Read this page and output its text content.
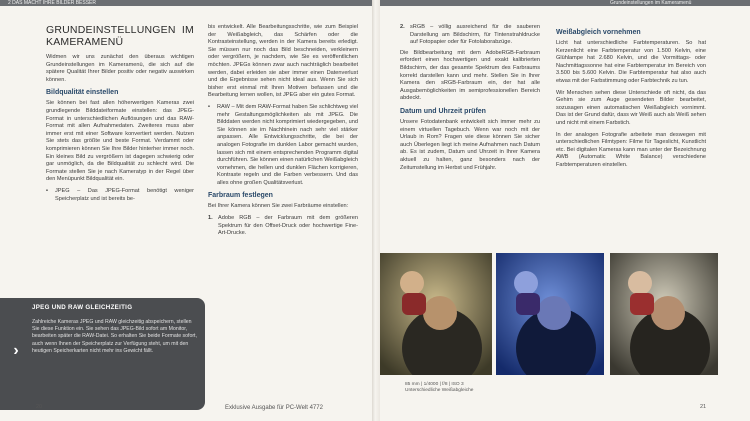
2 DAS MACHT IHRE BILDER BESSER	Grundeinstellungen im Kameramenü
GRUNDEINSTELLUNGEN IM KAMERAMENÜ

Widmen wir uns zunächst den überaus wichtigen Grundeinstellungen im Kameramenü, die sich auf die spätere Qualität Ihrer Bilder positiv oder negativ auswirken können.

Bildqualität einstellen

Sie können bei fast allen höherwertigen Kameras zwei grundlegende Bilddateiformate einstellen: das JPEG-Format in unterschiedlichen Auflösungen und das RAW-Format mit allen Aufnahmedaten. Zweiteres muss aber immer erst mit einer Software konvertiert werden. Nutzen Sie stets das größte und beste Format. Verdammt oder komprimieren können Sie Ihre Bilder hinterher immer noch. Ein kleines Bild zu vergrößern ist dagegen schwierig oder gar unmöglich, da die Bildqualität zu schlecht wird. Die Formate stellen Sie je nach Kameratyp in der Regel über den Menüpunkt Bildqualität ein.

• JPEG – Das JPEG-Format benötigt weniger Speicherplatz und ist bereits be-
JPEG UND RAW GLEICHZEITIG
Zahlreiche Kameras JPEG und RAW gleichzeitig abspeichern, stellen Sie diese Funktion ein. Sie sehen das JPEG-Bild sofort am Monitor, bearbeiten später die RAW-Datei. So erhalten Sie beide Formate sofort, auch wenn Ihnen der Speicherplatz zur Verfügung steht, um mit den heutigen Speicherkarten nicht mehr ins Gewicht fällt.
›

bis entwickelt. Alle Bearbeitungsschritte, wie zum Beispiel der Weißabgleich, das Schärfen oder die Kontrasteinstellung, werden in der Kamera bereits erledigt. Sie müssen nur noch das Bild beschneiden, verkleinern oder vergrößern, je nachdem, wie Sie es veröffentlichen möchten. JPEGs können zwar auch nachträglich bearbeitet werden, dabei erleiden sie aber immer einen Datenverlust und die Ergebnisse sehen nicht ideal aus. Wenn Sie sich bisher erst einmal mit Ihren Motiven befassen und die Bearbeitung lernen wollen, ist JPEG aber ein gutes Format.

• RAW – Mit dem RAW-Format haben Sie schlichtweg viel mehr Gestaltungsmöglichkeiten als mit JPEG. Die Bilddaten werden nicht komprimiert wiedergegeben, und Sie können sie im Nachhinein nach sehr viel stärker anpassen. Alle Entwicklungsschritte, die bei der analogen Fotografie im dunklen Labor gemacht wurden, lassen sich mit einem entsprechenden Programm digital durchführen. Sie können einen natürlichen Weißabgleich vornehmen, die hellen und dunklen Flächen korrigieren, Kontraste regeln und die Farben verbessern. Und das alles ohne großen Qualitätsverlust.
Farbraum festlegen

Bei Ihrer Kamera können Sie zwei Farbräume einstellen:

1. Adobe RGB – der Farbraum mit dem größeren Spektrum für den Offset-Druck oder hochwertige Fine-Art-Drucke.
2. sRGB – völlig ausreichend für die sauberen Darstellung am Bildschirm, für Tintenstrahldrucke auf Fotopapier oder für Fotolaborabzüge.

Die Bildbearbeitung mit dem AdobeRGB-Farbraum erfordert einen hochwertigen und exakt kalibrierten Bildschirm, der das gesamte Spektrum des Farbraums korrekt darstellen kann und mehr. Stellen Sie in Ihrer Kamera den sRGB-Farbraum ein, der hat alle Ausgabemöglichkeiten im semiprofessionellen Bereich abdeckt.

Datum und Uhrzeit prüfen

Unsere Fotodatenbank entwickelt sich immer mehr zu einem virtuellen Tagebuch. Wenn war noch mit der Urlaub in Rom? Fragen wie diese können Sie sicher auch Überlegen liegt ich meine Aufnahmen nach Datum ab. Es ist zudem, Datum und Uhrzeit in Ihrer Kamera aktuell zu halten, ganz besonders nach der Zeitumstellung im Herbst und Frühjahr.

Weißabgleich vornehmen

Licht hat unterschiedliche Farbtemperaturen. So hat Kerzenlicht eine Farbtemperatur von 1.500 Kelvin, eine Glühlampe hat 2.680 Kelvin, und die Vormittags- oder Nachmittagssonne hat eine Farbtemperatur im Bereich von 3.500 bis 5.600 Kelvin. Die Farbtemperatur hat also auch etwas mit der Farbstimmung oder Farbtechnik zu tun.

Wir Menschen sehen diese Unterschiede oft nicht, da das Gehirn sie zum Auge gesendeten Bilder bearbeitet, sozusagen einen automatischen Weißabgleich vornimmt. Das ist der Grund dafür, dass wir Weiß auch als Weiß sehen und nicht mit einem Farbstich.

In der analogen Fotografie arbeitete man deswegen mit unterschiedlichen Filmtypen: Filme für Tageslicht, Kunstlicht etc. Bei digitalen Kameras kann man unter der Bezeichnung AWB (Automatic White Balance) verschiedene Farbtemperaturen einstellen.

85 mm | 1/4000 | f/8 | ISO 3
Unterschiedliche Weißabgleiche
20	Exklusive Ausgabe für PC-Welt 4772	21
